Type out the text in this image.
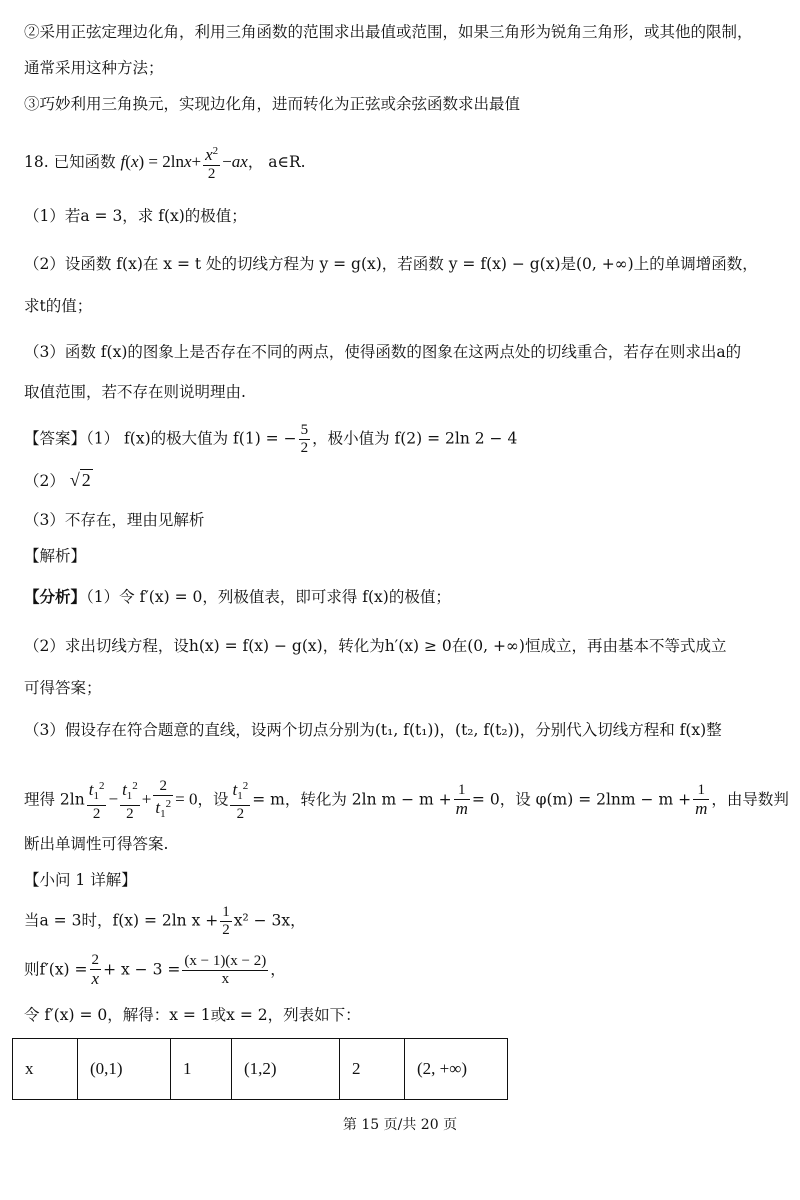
②采用正弦定理边化角，利用三角函数的范围求出最值或范围，如果三角形为锐角三角形，或其他的限制，
通常采用这种方法；
③巧妙利用三角换元，实现边化角，进而转化为正弦或余弦函数求出最值
18. 已知函数 $f(x) = 2\ln x+ \frac{x^2}{2} -ax$， a∈R.
（1）若a = 3，求 f(x)的极值；
（2）设函数 f(x)在 x = t 处的切线方程为 y = g(x)，若函数 y = f(x) − g(x)是(0, +∞)上的单调增函数，
求t的值；
（3）函数 f(x)的图象上是否存在不同的两点，使得函数的图象在这两点处的切线重合，若存在则求出a的
取值范围，若不存在则说明理由.
【答案】（1） f(x)的极大值为 f(1) = − $\frac{5}{2}$ ，极小值为 f(2) = 2ln 2 − 4
（2） √ 2
（3）不存在，理由见解析
【解析】
【分析】（1）令 f′(x) = 0，列极值表，即可求得 f(x)的极值；
（2）求出切线方程，设h(x) = f(x) − g(x)，转化为h′(x) ≥ 0在(0, +∞)恒成立，再由基本不等式成立
可得答案；
（3）假设存在符合题意的直线，设两个切点分别为(t₁, f(t₁))，(t₂, f(t₂))，分别代入切线方程和 f(x)整
理得 $2\ln \frac{t_1^2}{2} - \frac{t_1^2}{2} + \frac{2}{t_1^2} = 0$，设 $\frac{t_1^2}{2} = m$，转化为 2ln $m - m + \frac{1}{m} = 0$，设 $\varphi(m) = 2\ln m - m + \frac{1}{m}$ ，由导数判
断出单调性可得答案.
【小问 1 详解】
当a = 3时，f(x) = 2ln $x + \frac{1}{2} x^2 - 3x$，
则$f'(x) = \frac{2}{x} + x - 3 = \frac{(x - 1)(x - 2)}{x}$ ，
令 f′(x) = 0，解得：x = 1或x = 2，列表如下：
x	(0,1)	1	(1,2)	2	(2, +∞)
第 15 页/共 20 页
